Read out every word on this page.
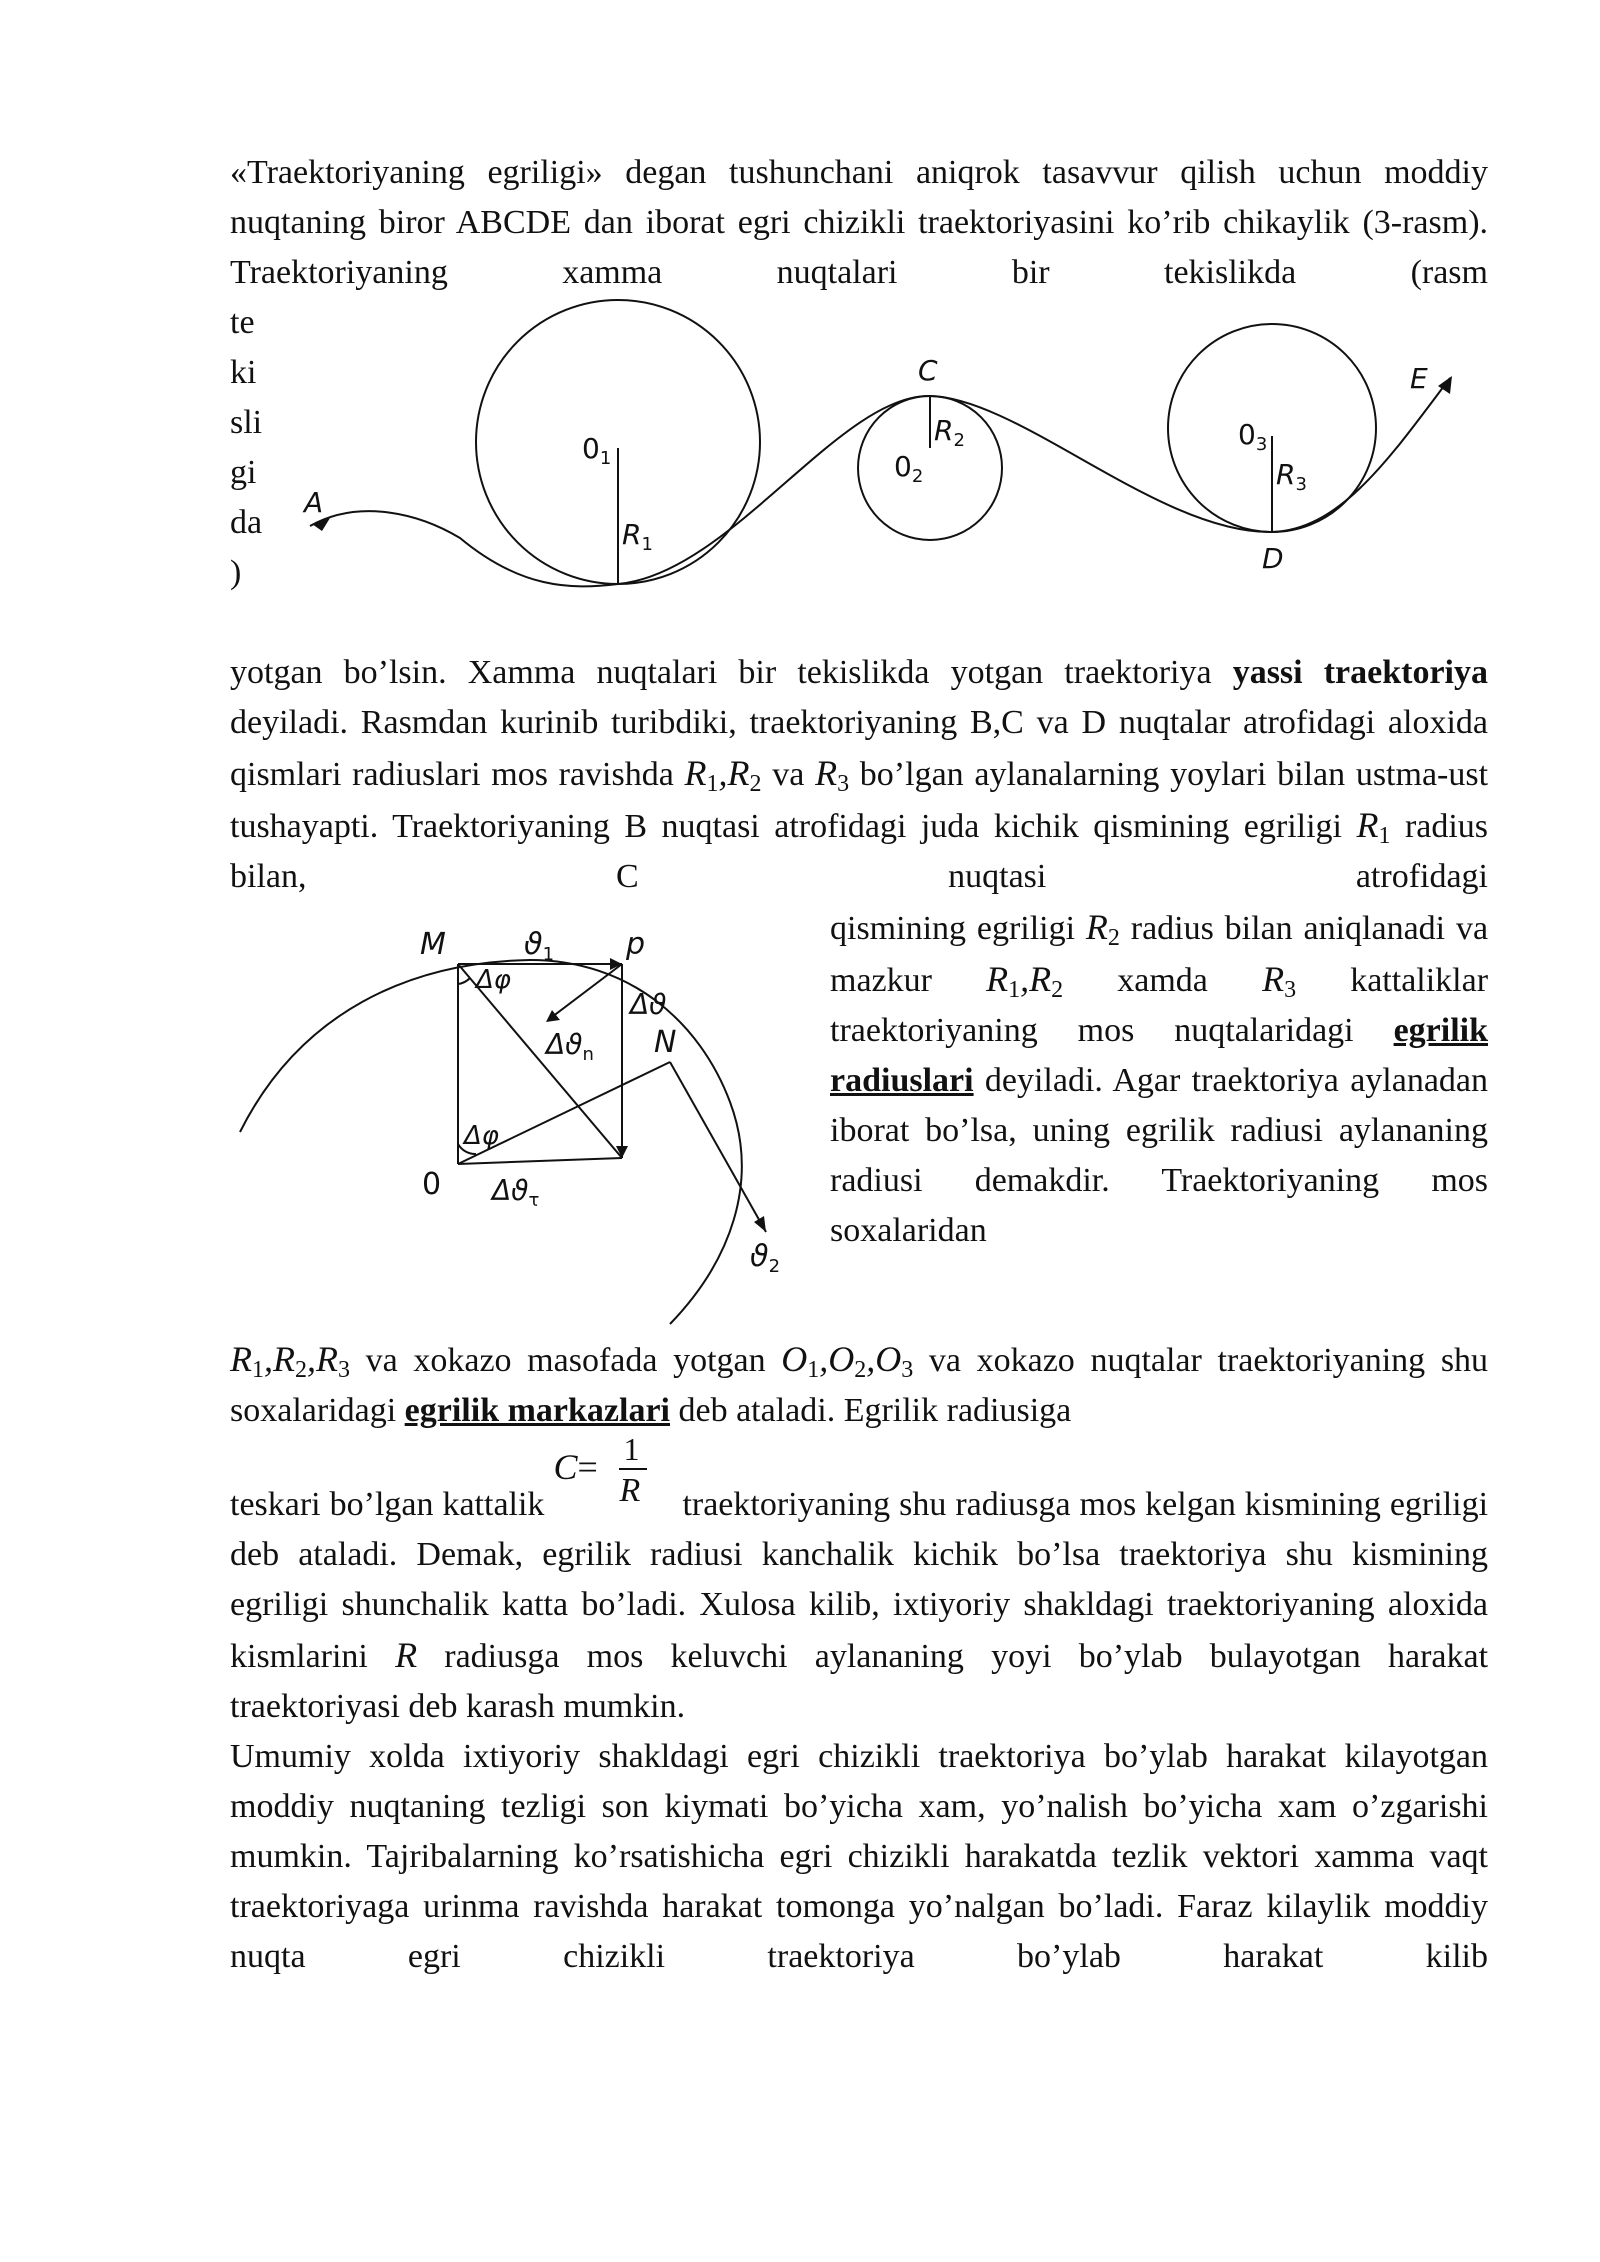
«Traektoriyaning egriligi» degan tushunchani aniqrok tasavvur qilish uchun moddiy nuqtaning biror ABCDE dan iborat egri chizikli traektoriyasini ko’rib chikaylik (3-rasm). Traektoriyaning xamma nuqtalari bir tekislikda (rasm

te
ki
sli
gi
da
)
A
C
D
E
$0_1$
$R_1$
$0_2$
$R_2$	$0_3$
$R_3$

yotgan bo’lsin. Xamma nuqtalari bir tekislikda yotgan traektoriya yassi traektoriya deyiladi. Rasmdan kurinib turibdiki, traektoriyaning B,C va D nuqtalar atrofidagi aloxida qismlari radiuslari mos ravishda $R_1,R_2$ va $R_3$ bo’lgan aylanalarning yoylari bilan ustma-ust tushayapti. Traektoriyaning B nuqtasi atrofidagi juda kichik qismining egriligi $R_1$ radius bilan, C nuqtasi atrofidagi

M	p
N
0
$ϑ_1$
$ϑ_2$
Δϑ
$\Delta ϑ_n$
$\Delta ϑ_\tau$
Δφ
Δφ

qismining egriligi $R_2$ radius bilan aniqlanadi va mazkur $R_1,R_2$ xamda $R_3$ kattaliklar traektoriyaning mos nuqtalaridagi egrilik radiuslari deyiladi. Agar traektoriya aylanadan iborat bo’lsa, uning egrilik radiusi aylananing radiusi demakdir. Traektoriyaning mos soxalaridan

$R_1,R_2,R_3$ va xokazo masofada yotgan $O_1,O_2,O_3$ va xokazo nuqtalar traektoriyaning shu soxalaridagi egrilik markazlari deb ataladi. Egrilik radiusiga

teskari bo’lgan kattalik
C= 1
R traektoriyaning shu radiusga mos kelgan kismining egriligi deb ataladi. Demak, egrilik radiusi kanchalik kichik bo’lsa traektoriya shu kismining egriligi shunchalik katta bo’ladi. Xulosa kilib, ixtiyoriy shakldagi traektoriyaning aloxida kismlarini R radiusga mos keluvchi aylananing yoyi bo’ylab bulayotgan harakat traektoriyasi deb karash mumkin.

Umumiy xolda ixtiyoriy shakldagi egri chizikli traektoriya bo’ylab harakat kilayotgan moddiy nuqtaning tezligi son kiymati bo’yicha xam, yo’nalish bo’yicha xam o’zgarishi mumkin. Tajribalarning ko’rsatishicha egri chizikli harakatda tezlik vektori xamma vaqt traektoriyaga urinma ravishda harakat tomonga yo’nalgan bo’ladi. Faraz kilaylik moddiy nuqta egri chizikli traektoriya bo’ylab harakat kilib
